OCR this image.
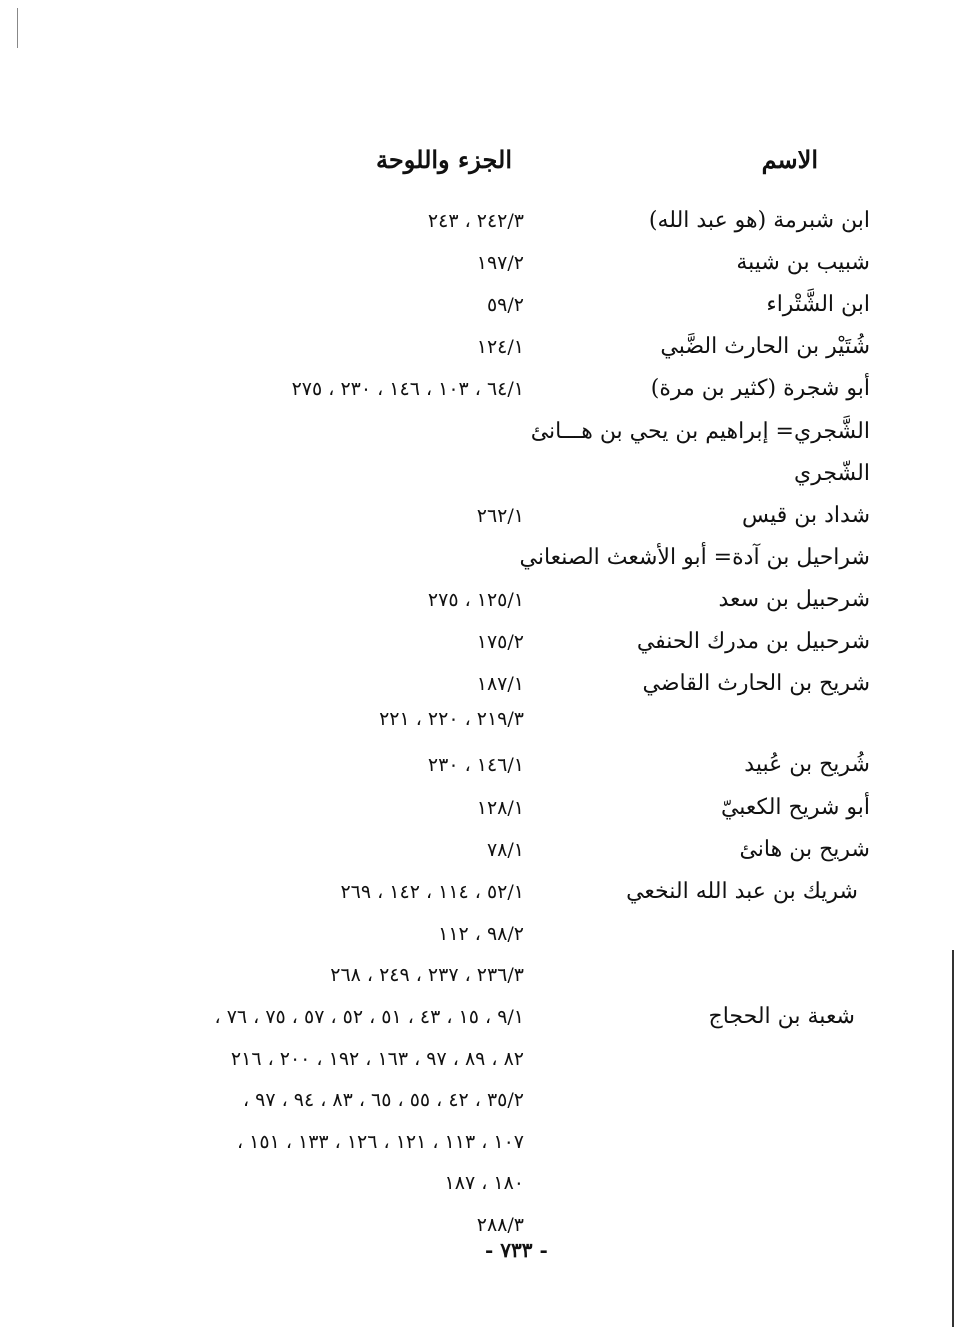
الاسم
الجزء واللوحة
ابن شبرمة (هو عبد الله)
٢٤٢/٣ ، ٢٤٣
شبيب بن شيبة
١٩٧/٢
ابن الشَّتْراء
٥٩/٢
شُتَيْر بن الحارث الضَّبي
١٢٤/١
أبو شجرة (كثير بن مرة)
٦٤/١ ، ١٠٣ ، ١٤٦ ، ٢٣٠ ، ٢٧٥
الشَّجري= إبراهيم بن يحي بن هـــانئ
الشّجري
شداد بن قيس
٢٦٢/١
شراحيل بن آدة= أبو الأشعث الصنعاني
شرحبيل بن سعد
١٢٥/١ ، ٢٧٥
شرحبيل بن مدرك الحنفي
١٧٥/٢
شريح بن الحارث القاضي
١٨٧/١
٢١٩/٣ ، ٢٢٠ ، ٢٢١
شُريح بن عُبيد
١٤٦/١ ، ٢٣٠
أبو شريح الكعبيّ
١٢٨/١
شريح بن هانئ
٧٨/١
شريك بن عبد الله النخعي
٥٢/١ ، ١١٤ ، ١٤٢ ، ٢٦٩
٩٨/٢ ، ١١٢
٢٣٦/٣ ، ٢٣٧ ، ٢٤٩ ، ٢٦٨
شعبة بن الحجاج
٩/١ ، ١٥ ، ٤٣ ، ٥١ ، ٥٢ ، ٥٧ ، ٧٥ ، ٧٦ ،
٨٢ ، ٨٩ ، ٩٧ ، ١٦٣ ، ١٩٢ ، ٢٠٠ ، ٢١٦
٣٥/٢ ، ٤٢ ، ٥٥ ، ٦٥ ، ٨٣ ، ٩٤ ، ٩٧ ،
١٠٧ ، ١١٣ ، ١٢١ ، ١٢٦ ، ١٣٣ ، ١٥١ ،
١٨٠ ، ١٨٧
٢٨٨/٣
- ٧٣٣ -
